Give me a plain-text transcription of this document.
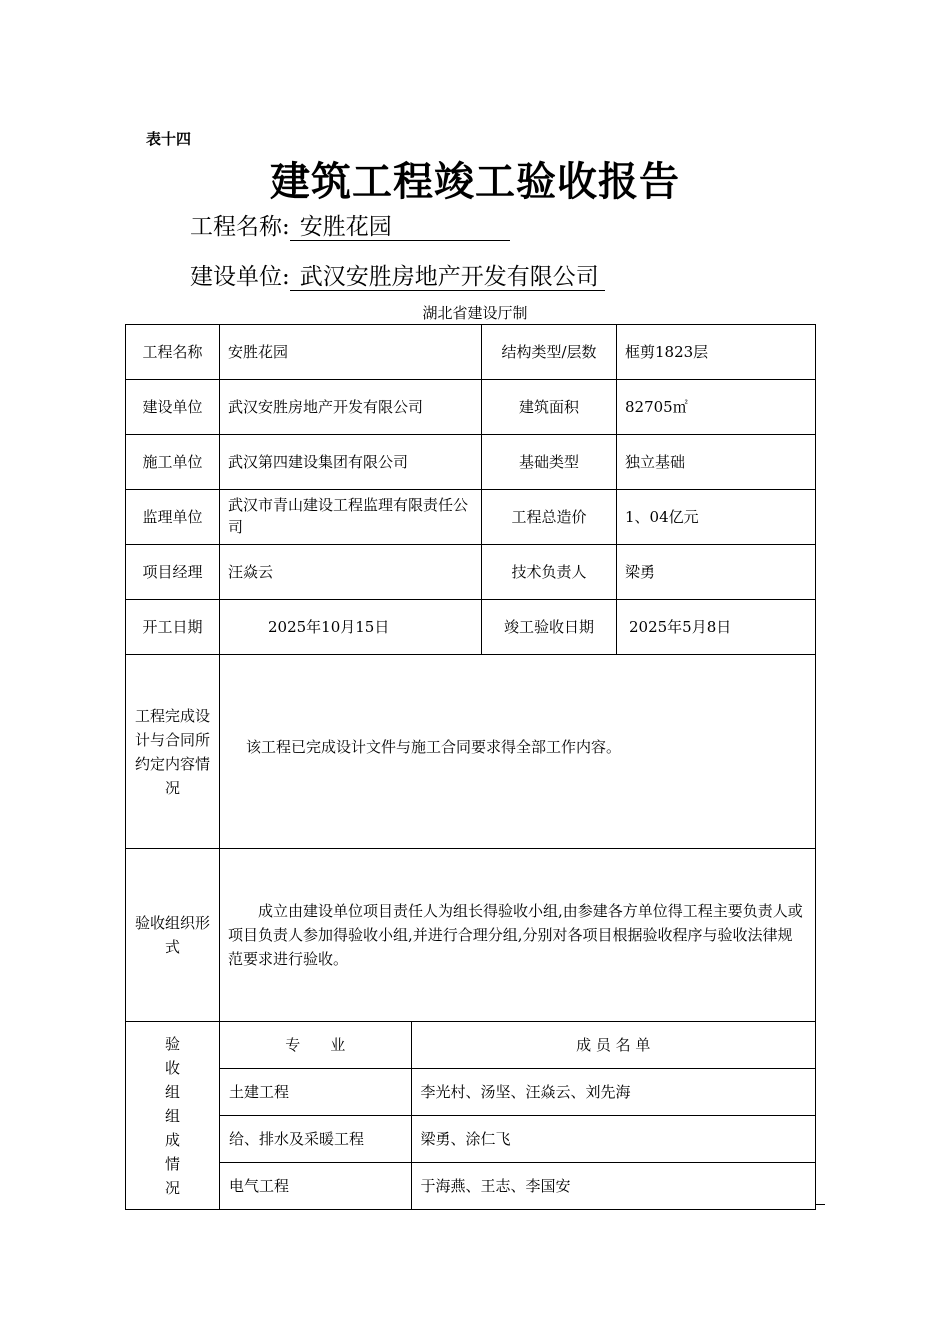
表十四
建筑工程竣工验收报告
工程名称: 安胜花园
建设单位: 武汉安胜房地产开发有限公司
湖北省建设厅制
工程名称	安胜花园	结构类型/层数	框剪1823层
建设单位	武汉安胜房地产开发有限公司	建筑面积	82705㎡
施工单位	武汉第四建设集团有限公司	基础类型	独立基础
监理单位	武汉市青山建设工程监理有限责任公司	工程总造价	1、04亿元
项目经理	汪焱云	技术负责人	梁勇
开工日期	2025年10月15日	竣工验收日期	2025年5月8日
工程完成设计与合同所约定内容情况	该工程已完成设计文件与施工合同要求得全部工作内容。
验收组织形　式	成立由建设单位项目责任人为组长得验收小组,由参建各方单位得工程主要负责人或项目负责人参加得验收小组,并进行合理分组,分别对各项目根据验收程序与验收法律规范要求进行验收。
验收组组成情况	
专　　业	成 员 名 单
土建工程	李光村、汤坚、汪焱云、刘先海
给、排水及采暖工程	梁勇、涂仁飞
电气工程	于海燕、王志、李国安
